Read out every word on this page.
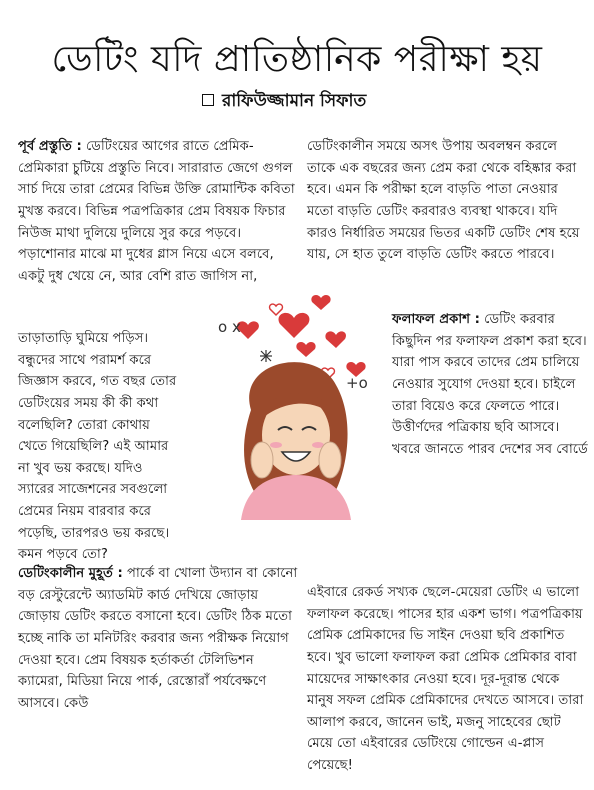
ডেটিং যদি প্রাতিষ্ঠানিক পরীক্ষা হয়
রাফিউজ্জামান সিফাত

পূর্ব প্রস্তুতি : ডেটিংয়ের আগের রাতে প্রেমিক-প্রেমিকারা চুটিয়ে প্রস্তুতি নিবে। সারারাত জেগে গুগল সার্চ দিয়ে তারা প্রেমের বিভিন্ন উক্তি রোমান্টিক কবিতা মুখস্ত করবে। বিভিন্ন পত্রপত্রিকার প্রেম বিষয়ক ফিচার নিউজ মাথা দুলিয়ে দুলিয়ে সুর করে পড়বে। পড়াশোনার মাঝে মা দুধের গ্লাস নিয়ে এসে বলবে, একটু দুধ খেয়ে নে, আর বেশি রাত জাগিস না,

তাড়াতাড়ি ঘুমিয়ে পড়িস। বন্ধুদের সাথে পরামর্শ করে জিজ্ঞাস করবে, গত বছর তোর ডেটিংয়ের সময় কী কী কথা বলেছিলি? তোরা কোথায় খেতে গিয়েছিলি? এই আমার না খুব ভয় করছে। যদিও স্যারের সাজেশনের সবগুলো প্রেমের নিয়ম বারবার করে পড়েছি, তারপরও ভয় করছে। কমন পড়বে তো?

ডেটিংকালীন মুহূর্ত : পার্কে বা খোলা উদ্যান বা কোনো বড় রেস্টুরেন্টে অ্যাডমিট কার্ড দেখিয়ে জোড়ায় জোড়ায় ডেটিং করতে বসানো হবে। ডেটিং ঠিক মতো হচ্ছে নাকি তা মনিটরিং করবার জন্য পরীক্ষক নিয়োগ দেওয়া হবে। প্রেম বিষয়ক হর্তাকর্তা টেলিভিশন ক্যামেরা, মিডিয়া নিয়ে পার্ক, রেস্তোরাঁ পর্যবেক্ষণে আসবে। কেউ

ডেটিংকালীন সময়ে অসৎ উপায় অবলম্বন করলে তাকে এক বছরের জন্য প্রেম করা থেকে বহিষ্কার করা হবে। এমন কি পরীক্ষা হলে বাড়তি পাতা নেওয়ার মতো বাড়তি ডেটিং করবারও ব্যবস্থা থাকবে। যদি কারও নির্ধারিত সময়ের ভিতর একটি ডেটিং শেষ হয়ে যায়, সে হাত তুলে বাড়তি ডেটিং করতে পারবে।

ফলাফল প্রকাশ : ডেটিং করবার কিছুদিন পর ফলাফল প্রকাশ করা হবে। যারা পাস করবে তাদের প্রেম চালিয়ে নেওয়ার সুযোগ দেওয়া হবে। চাইলে তারা বিয়েও করে ফেলতে পারে। উত্তীর্ণদের পত্রিকায় ছবি আসবে। খবরে জানতে পারব দেশের সব বোর্ডে

এইবারে রেকর্ড সখ্যক ছেলে-মেয়েরা ডেটিং এ ভালো ফলাফল করেছে। পাসের হার একশ ভাগ। পত্রপত্রিকায় প্রেমিক প্রেমিকাদের ভি সাইন দেওয়া ছবি প্রকাশিত হবে। খুব ভালো ফলাফল করা প্রেমিক প্রেমিকার বাবা মায়েদের সাক্ষাৎকার নেওয়া হবে। দূর-দূরান্ত থেকে মানুষ সফল প্রেমিক প্রেমিকাদের দেখতে আসবে। তারা আলাপ করবে, জানেন ভাই, মজনু সাহেবের ছোট মেয়ে তো এইবারের ডেটিংয়ে গোল্ডেন এ-প্লাস পেয়েছে!

o x
+o
